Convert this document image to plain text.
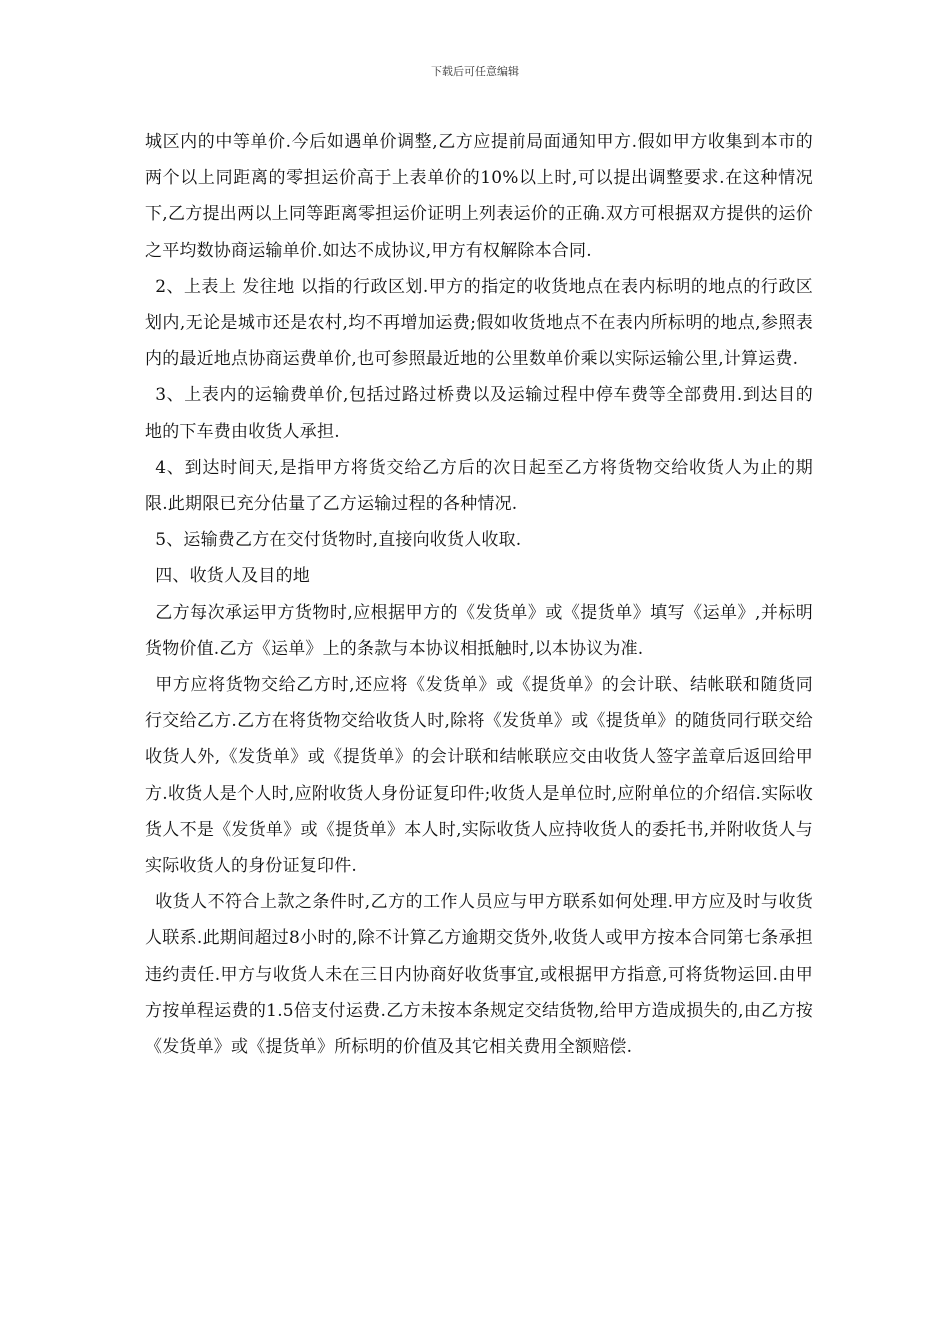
下载后可任意编辑

城区内的中等单价.今后如遇单价调整,乙方应提前局面通知甲方.假如甲方收集到本市的两个以上同距离的零担运价高于上表单价的10%以上时,可以提出调整要求.在这种情况下,乙方提出两以上同等距离零担运价证明上列表运价的正确.双方可根据双方提供的运价之平均数协商运输单价.如达不成协议,甲方有权解除本合同.

2、上表上 发往地 以指的行政区划.甲方的指定的收货地点在表内标明的地点的行政区划内,无论是城市还是农村,均不再增加运费;假如收货地点不在表内所标明的地点,参照表内的最近地点协商运费单价,也可参照最近地的公里数单价乘以实际运输公里,计算运费.

3、上表内的运输费单价,包括过路过桥费以及运输过程中停车费等全部费用.到达目的地的下车费由收货人承担.

4、到达时间天,是指甲方将货交给乙方后的次日起至乙方将货物交给收货人为止的期限.此期限已充分估量了乙方运输过程的各种情况.

5、运输费乙方在交付货物时,直接向收货人收取.

四、收货人及目的地

乙方每次承运甲方货物时,应根据甲方的《发货单》或《提货单》填写《运单》,并标明货物价值.乙方《运单》上的条款与本协议相抵触时,以本协议为准.

甲方应将货物交给乙方时,还应将《发货单》或《提货单》的会计联、结帐联和随货同行交给乙方.乙方在将货物交给收货人时,除将《发货单》或《提货单》的随货同行联交给收货人外,《发货单》或《提货单》的会计联和结帐联应交由收货人签字盖章后返回给甲方.收货人是个人时,应附收货人身份证复印件;收货人是单位时,应附单位的介绍信.实际收货人不是《发货单》或《提货单》本人时,实际收货人应持收货人的委托书,并附收货人与实际收货人的身份证复印件.

收货人不符合上款之条件时,乙方的工作人员应与甲方联系如何处理.甲方应及时与收货人联系.此期间超过8小时的,除不计算乙方逾期交货外,收货人或甲方按本合同第七条承担违约责任.甲方与收货人未在三日内协商好收货事宜,或根据甲方指意,可将货物运回.由甲方按单程运费的1.5倍支付运费.乙方未按本条规定交结货物,给甲方造成损失的,由乙方按《发货单》或《提货单》所标明的价值及其它相关费用全额赔偿.
